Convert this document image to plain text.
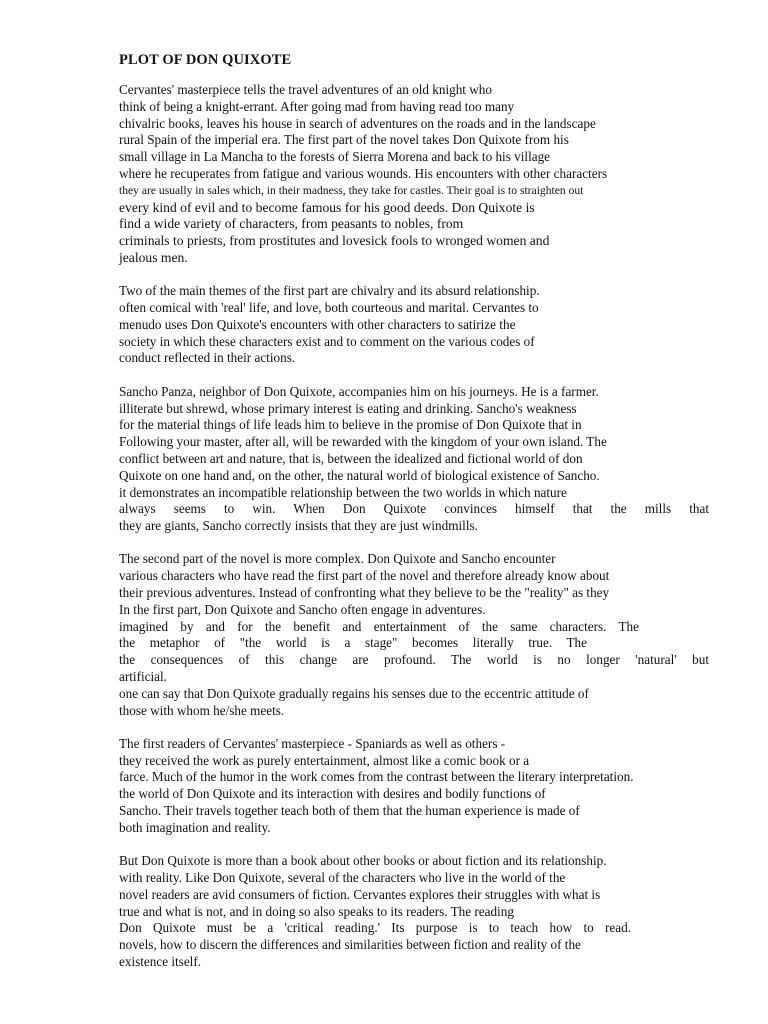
PLOT OF DON QUIXOTE
Cervantes' masterpiece tells the travel adventures of an old knight who
think of being a knight-errant. After going mad from having read too many
chivalric books, leaves his house in search of adventures on the roads and in the landscape
rural Spain of the imperial era. The first part of the novel takes Don Quixote from his
small village in La Mancha to the forests of Sierra Morena and back to his village
where he recuperates from fatigue and various wounds. His encounters with other characters
they are usually in sales which, in their madness, they take for castles. Their goal is to straighten out
every kind of evil and to become famous for his good deeds. Don Quixote is
find a wide variety of characters, from peasants to nobles, from
criminals to priests, from prostitutes and lovesick fools to wronged women and
jealous men.
Two of the main themes of the first part are chivalry and its absurd relationship.
often comical with 'real' life, and love, both courteous and marital. Cervantes to
menudo uses Don Quixote's encounters with other characters to satirize the
society in which these characters exist and to comment on the various codes of
conduct reflected in their actions.
Sancho Panza, neighbor of Don Quixote, accompanies him on his journeys. He is a farmer.
illiterate but shrewd, whose primary interest is eating and drinking. Sancho's weakness
for the material things of life leads him to believe in the promise of Don Quixote that in
Following your master, after all, will be rewarded with the kingdom of your own island. The
conflict between art and nature, that is, between the idealized and fictional world of don
Quixote on one hand and, on the other, the natural world of biological existence of Sancho.
it demonstrates an incompatible relationship between the two worlds in which nature
always seems to win. When Don Quixote convinces himself that the mills that
they are giants, Sancho correctly insists that they are just windmills.
The second part of the novel is more complex. Don Quixote and Sancho encounter
various characters who have read the first part of the novel and therefore already know about
their previous adventures. Instead of confronting what they believe to be the "reality" as they
In the first part, Don Quixote and Sancho often engage in adventures.
imagined by and for the benefit and entertainment of the same characters. The
the metaphor of "the world is a stage" becomes literally true. The
the consequences of this change are profound. The world is no longer 'natural' but
artificial.
one can say that Don Quixote gradually regains his senses due to the eccentric attitude of
those with whom he/she meets.
The first readers of Cervantes' masterpiece - Spaniards as well as others -
they received the work as purely entertainment, almost like a comic book or a
farce. Much of the humor in the work comes from the contrast between the literary interpretation.
the world of Don Quixote and its interaction with desires and bodily functions of
Sancho. Their travels together teach both of them that the human experience is made of
both imagination and reality.
But Don Quixote is more than a book about other books or about fiction and its relationship.
with reality. Like Don Quixote, several of the characters who live in the world of the
novel readers are avid consumers of fiction. Cervantes explores their struggles with what is
true and what is not, and in doing so also speaks to its readers. The reading
Don Quixote must be a 'critical reading.' Its purpose is to teach how to read.
novels, how to discern the differences and similarities between fiction and reality of the
existence itself.
